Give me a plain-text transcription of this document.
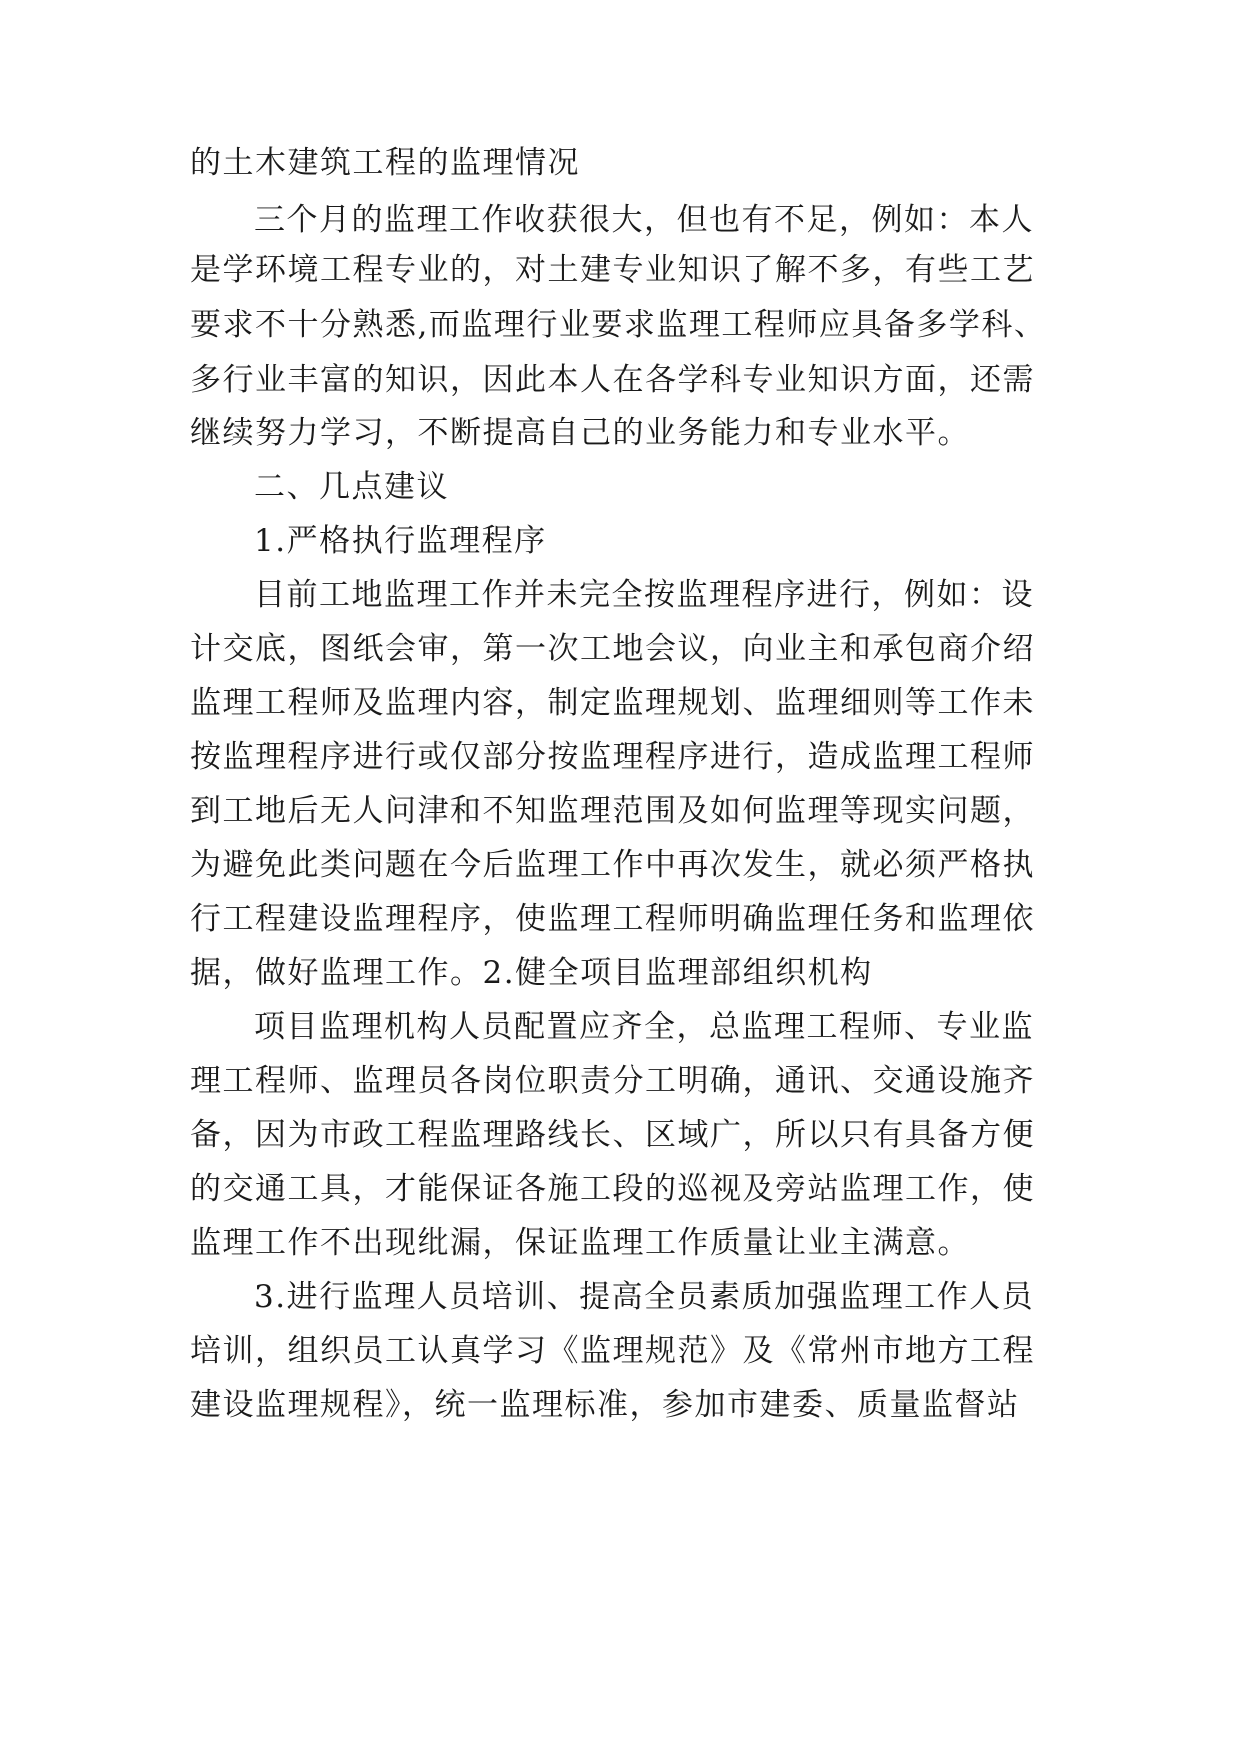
的土木建筑工程的监理情况
三个月的监理工作收获很大，但也有不足，例如：本人
是学环境工程专业的，对土建专业知识了解不多，有些工艺
要求不十分熟悉,而监理行业要求监理工程师应具备多学科、
多行业丰富的知识，因此本人在各学科专业知识方面，还需
继续努力学习，不断提高自己的业务能力和专业水平。
二、几点建议
1.严格执行监理程序
目前工地监理工作并未完全按监理程序进行，例如：设
计交底，图纸会审，第一次工地会议，向业主和承包商介绍
监理工程师及监理内容，制定监理规划、监理细则等工作未
按监理程序进行或仅部分按监理程序进行，造成监理工程师
到工地后无人问津和不知监理范围及如何监理等现实问题，
为避免此类问题在今后监理工作中再次发生，就必须严格执
行工程建设监理程序，使监理工程师明确监理任务和监理依
据，做好监理工作。2.健全项目监理部组织机构
项目监理机构人员配置应齐全，总监理工程师、专业监
理工程师、监理员各岗位职责分工明确，通讯、交通设施齐
备，因为市政工程监理路线长、区域广，所以只有具备方便
的交通工具，才能保证各施工段的巡视及旁站监理工作，使
监理工作不出现纰漏，保证监理工作质量让业主满意。
3.进行监理人员培训、提高全员素质加强监理工作人员
培训，组织员工认真学习《监理规范》及《常州市地方工程
建设监理规程》，统一监理标准，参加市建委、质量监督站
